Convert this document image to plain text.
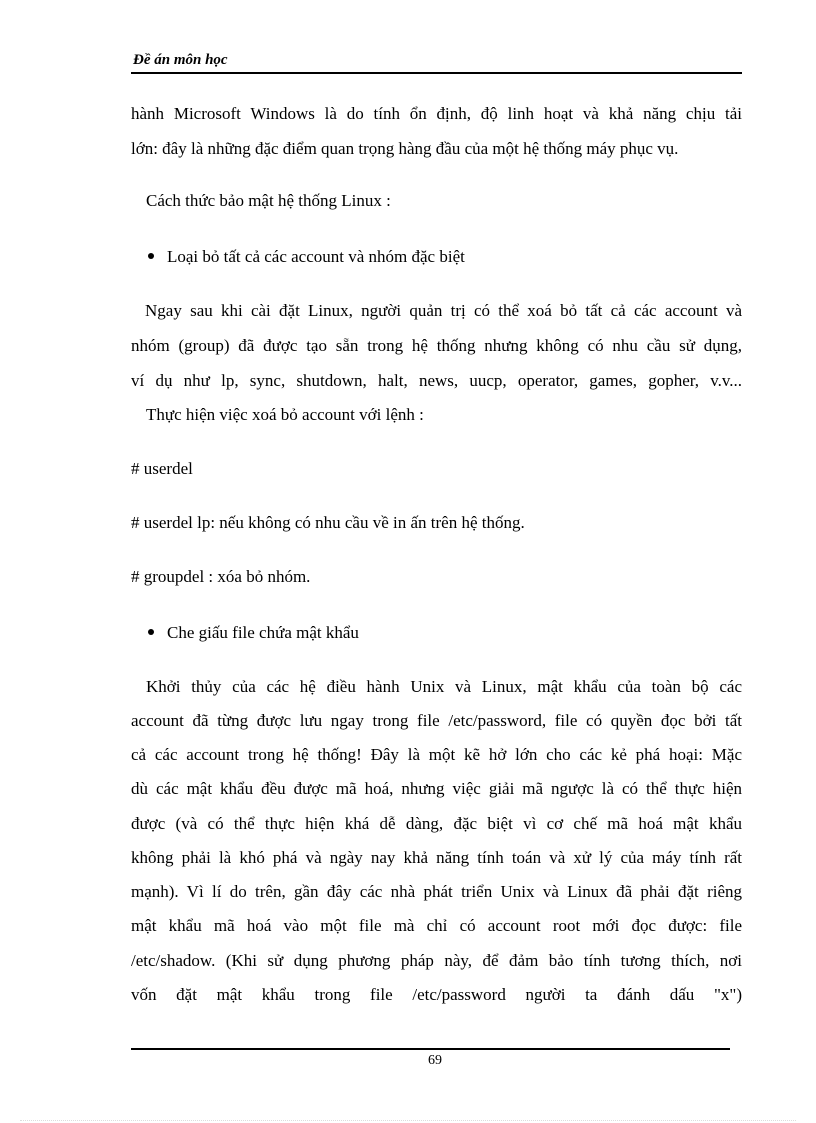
Đề án môn học
hành Microsoft Windows là do tính ổn định, độ linh hoạt và khả năng chịu tải
lớn: đây là những đặc điểm quan trọng hàng đầu của một hệ thống máy phục vụ.
Cách thức bảo mật hệ thống Linux :
Loại bỏ tất cả các account và nhóm đặc biệt
Ngay sau khi cài đặt Linux, người quản trị có thể xoá bỏ tất cả các account và
nhóm (group) đã được tạo sẵn trong hệ thống nhưng không có nhu cầu sử dụng,
ví dụ như lp, sync, shutdown, halt, news, uucp, operator, games, gopher, v.v...
Thực hiện việc xoá bỏ account với lệnh :
# userdel
# userdel lp: nếu không có nhu cầu về in ấn trên hệ thống.
# groupdel : xóa bỏ nhóm.
Che giấu file chứa mật khẩu
Khởi thủy của các hệ điều hành Unix và Linux, mật khẩu của toàn bộ các
account đã từng được lưu ngay trong file /etc/password, file có quyền đọc bởi tất
cả các account trong hệ thống! Đây là một kẽ hở lớn cho các kẻ phá hoại: Mặc
dù các mật khẩu đều được mã hoá, nhưng việc giải mã ngược là có thể thực hiện
được (và có thể thực hiện khá dễ dàng, đặc biệt vì cơ chế mã hoá mật khẩu
không phải là khó phá và ngày nay khả năng tính toán và xử lý của máy tính rất
mạnh). Vì lí do trên, gần đây các nhà phát triển Unix và Linux đã phải đặt riêng
mật khẩu mã hoá vào một file mà chỉ có account root mới đọc được: file
/etc/shadow. (Khi sử dụng phương pháp này, để đảm bảo tính tương thích, nơi
vốn đặt mật khẩu trong file /etc/password người ta đánh dấu "x")
69
